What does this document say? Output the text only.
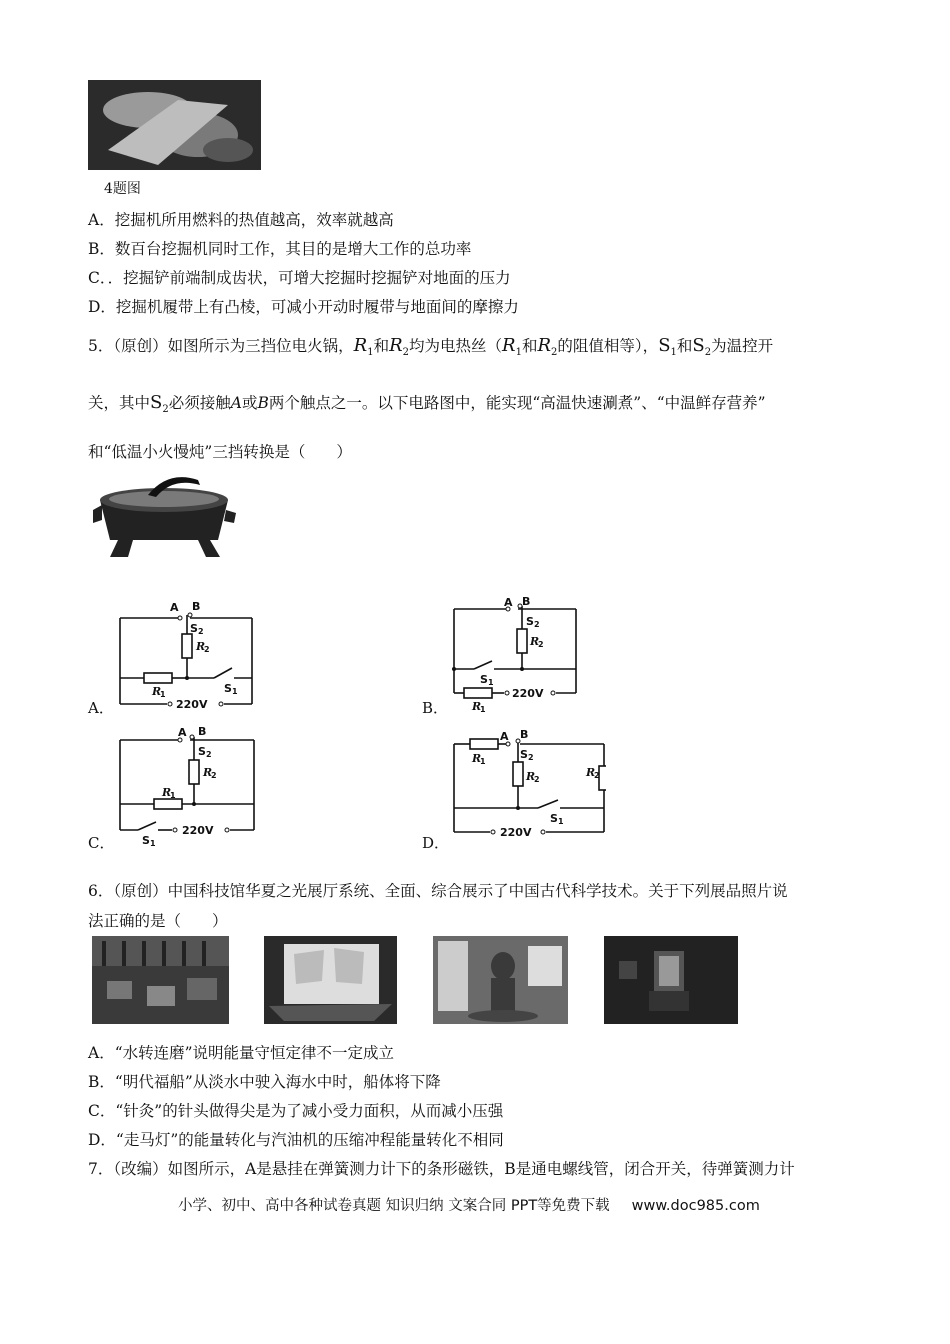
4题图
A．挖掘机所用燃料的热值越高，效率就越高
B．数百台挖掘机同时工作，其目的是增大工作的总功率
C．．挖掘铲前端制成齿状，可增大挖掘时挖掘铲对地面的压力
D．挖掘机履带上有凸棱，可减小开动时履带与地面间的摩擦力
5．（原创）如图所示为三挡位电火锅，$R_1$和$R_2$均为电热丝（$R_1$和$R_2$的阻值相等），$S_1$和$S_2$为温控开
关，其中$S_2$必须接触A或B两个触点之一。以下电路图中，能实现“高温快速涮煮”、“中温鲜存营养”
和“低温小火慢炖”三挡转换是（　　）
A．
A B
S 2
R
2
R
1	S 1
220V	B．
A B
S 2
R
2
S 1
R
1
220V
C．
A B
S 2
R
2
R
1
S 1
220V
D．
A B
R
1
S 2
R
2
R
2
S 1
220V
6．（原创）中国科技馆华夏之光展厅系统、全面、综合展示了中国古代科学技术。关于下列展品照片说
法正确的是（　　）
A．“水转连磨”说明能量守恒定律不一定成立
B．“明代福船”从淡水中驶入海水中时，船体将下降
C．“针灸”的针头做得尖是为了减小受力面积，从而减小压强
D．“走马灯”的能量转化与汽油机的压缩冲程能量转化不相同
7．（改编）如图所示，A是悬挂在弹簧测力计下的条形磁铁，B是通电螺线管，闭合开关，待弹簧测力计
小学、初中、高中各种试卷真题 知识归纳 文案合同 PPT等免费下载 www.doc985.com
